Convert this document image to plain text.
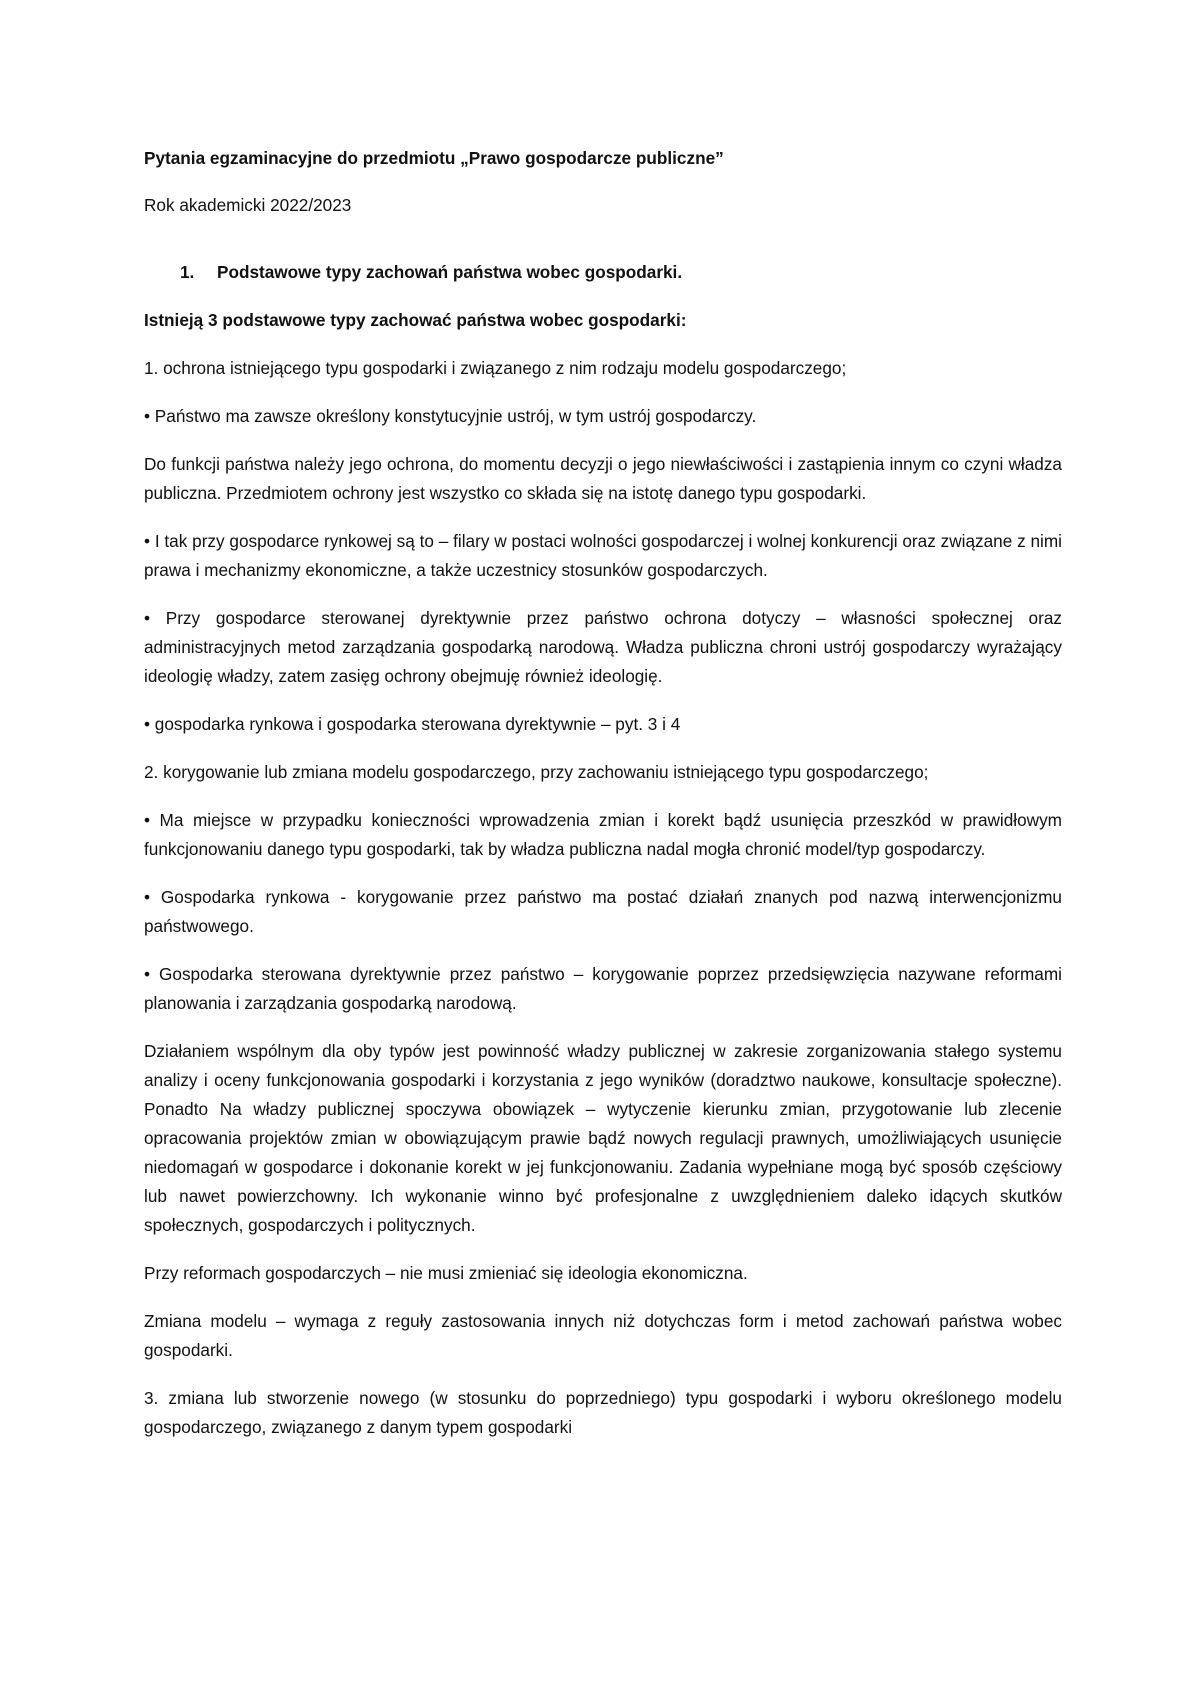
Pytania egzaminacyjne do przedmiotu „Prawo gospodarcze publiczne”

Rok akademicki 2022/2023

1.	Podstawowe typy zachowań państwa wobec gospodarki.

Istnieją 3 podstawowe typy zachować państwa wobec gospodarki:

1. ochrona istniejącego typu gospodarki i związanego z nim rodzaju modelu gospodarczego;

• Państwo ma zawsze określony konstytucyjnie ustrój, w tym ustrój gospodarczy.

Do funkcji państwa należy jego ochrona, do momentu decyzji o jego niewłaściwości i zastąpienia innym co czyni władza publiczna. Przedmiotem ochrony jest wszystko co składa się na istotę danego typu gospodarki.

• I tak przy gospodarce rynkowej są to – filary w postaci wolności gospodarczej i wolnej konkurencji oraz związane z nimi prawa i mechanizmy ekonomiczne, a także uczestnicy stosunków gospodarczych.

• Przy gospodarce sterowanej dyrektywnie przez państwo ochrona dotyczy – własności społecznej oraz administracyjnych metod zarządzania gospodarką narodową. Władza publiczna chroni ustrój gospodarczy wyrażający ideologię władzy, zatem zasięg ochrony obejmuję również ideologię.

• gospodarka rynkowa i gospodarka sterowana dyrektywnie – pyt. 3 i 4

2. korygowanie lub zmiana modelu gospodarczego, przy zachowaniu istniejącego typu gospodarczego;

• Ma miejsce w przypadku konieczności wprowadzenia zmian i korekt bądź usunięcia przeszkód w prawidłowym funkcjonowaniu danego typu gospodarki, tak by władza publiczna nadal mogła chronić model/typ gospodarczy.

• Gospodarka rynkowa - korygowanie przez państwo ma postać działań znanych pod nazwą interwencjonizmu państwowego.

• Gospodarka sterowana dyrektywnie przez państwo – korygowanie poprzez przedsięwzięcia nazywane reformami planowania i zarządzania gospodarką narodową.

Działaniem wspólnym dla oby typów jest powinność władzy publicznej w zakresie zorganizowania stałego systemu analizy i oceny funkcjonowania gospodarki i korzystania z jego wyników (doradztwo naukowe, konsultacje społeczne). Ponadto Na władzy publicznej spoczywa obowiązek – wytyczenie kierunku zmian, przygotowanie lub zlecenie opracowania projektów zmian w obowiązującym prawie bądź nowych regulacji prawnych, umożliwiających usunięcie niedomagań w gospodarce i dokonanie korekt w jej funkcjonowaniu. Zadania wypełniane mogą być sposób częściowy lub nawet powierzchowny. Ich wykonanie winno być profesjonalne z uwzględnieniem daleko idących skutków społecznych, gospodarczych i politycznych.

Przy reformach gospodarczych – nie musi zmieniać się ideologia ekonomiczna.

Zmiana modelu – wymaga z reguły zastosowania innych niż dotychczas form i metod zachowań państwa wobec gospodarki.

3. zmiana lub stworzenie nowego (w stosunku do poprzedniego) typu gospodarki i wyboru określonego modelu gospodarczego, związanego z danym typem gospodarki
